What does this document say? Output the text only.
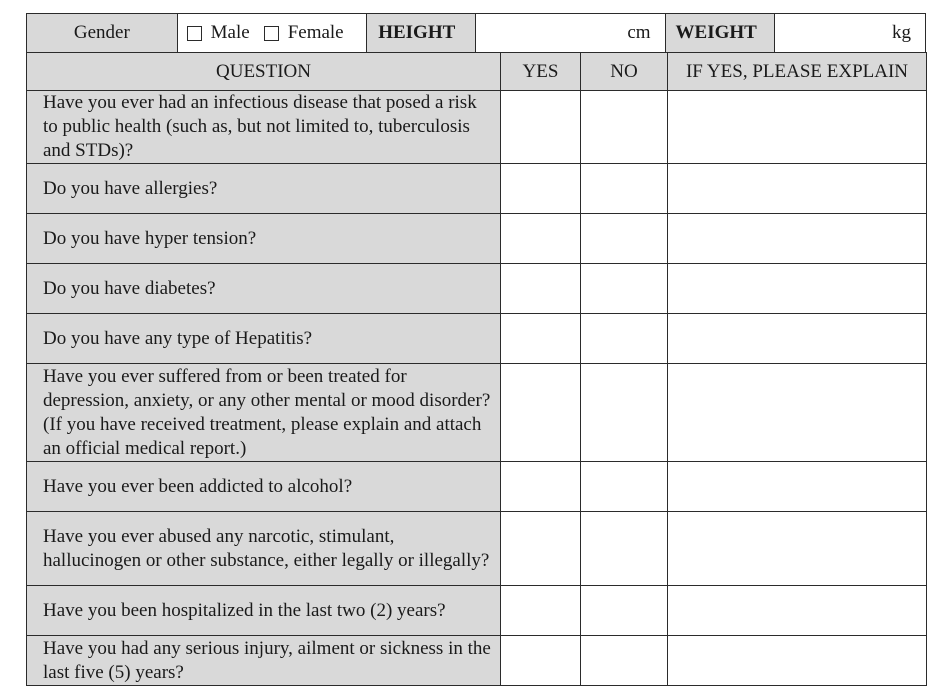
Gender	Male Female	HEIGHT	cm	WEIGHT	kg
QUESTION	YES	NO	IF YES, PLEASE EXPLAIN
Have you ever had an infectious disease that posed a risk to public health (such as, but not limited to, tuberculosis and STDs)?			
Do you have allergies?			
Do you have hyper tension?			
Do you have diabetes?			
Do you have any type of Hepatitis?			
Have you ever suffered from or been treated for depression, anxiety, or any other mental or mood disorder? (If you have received treatment, please explain and attach an official medical report.)			
Have you ever been addicted to alcohol?			
Have you ever abused any narcotic, stimulant, hallucinogen or other substance, either legally or illegally?			
Have you been hospitalized in the last two (2) years?			
Have you had any serious injury, ailment or sickness in the last five (5) years?			
